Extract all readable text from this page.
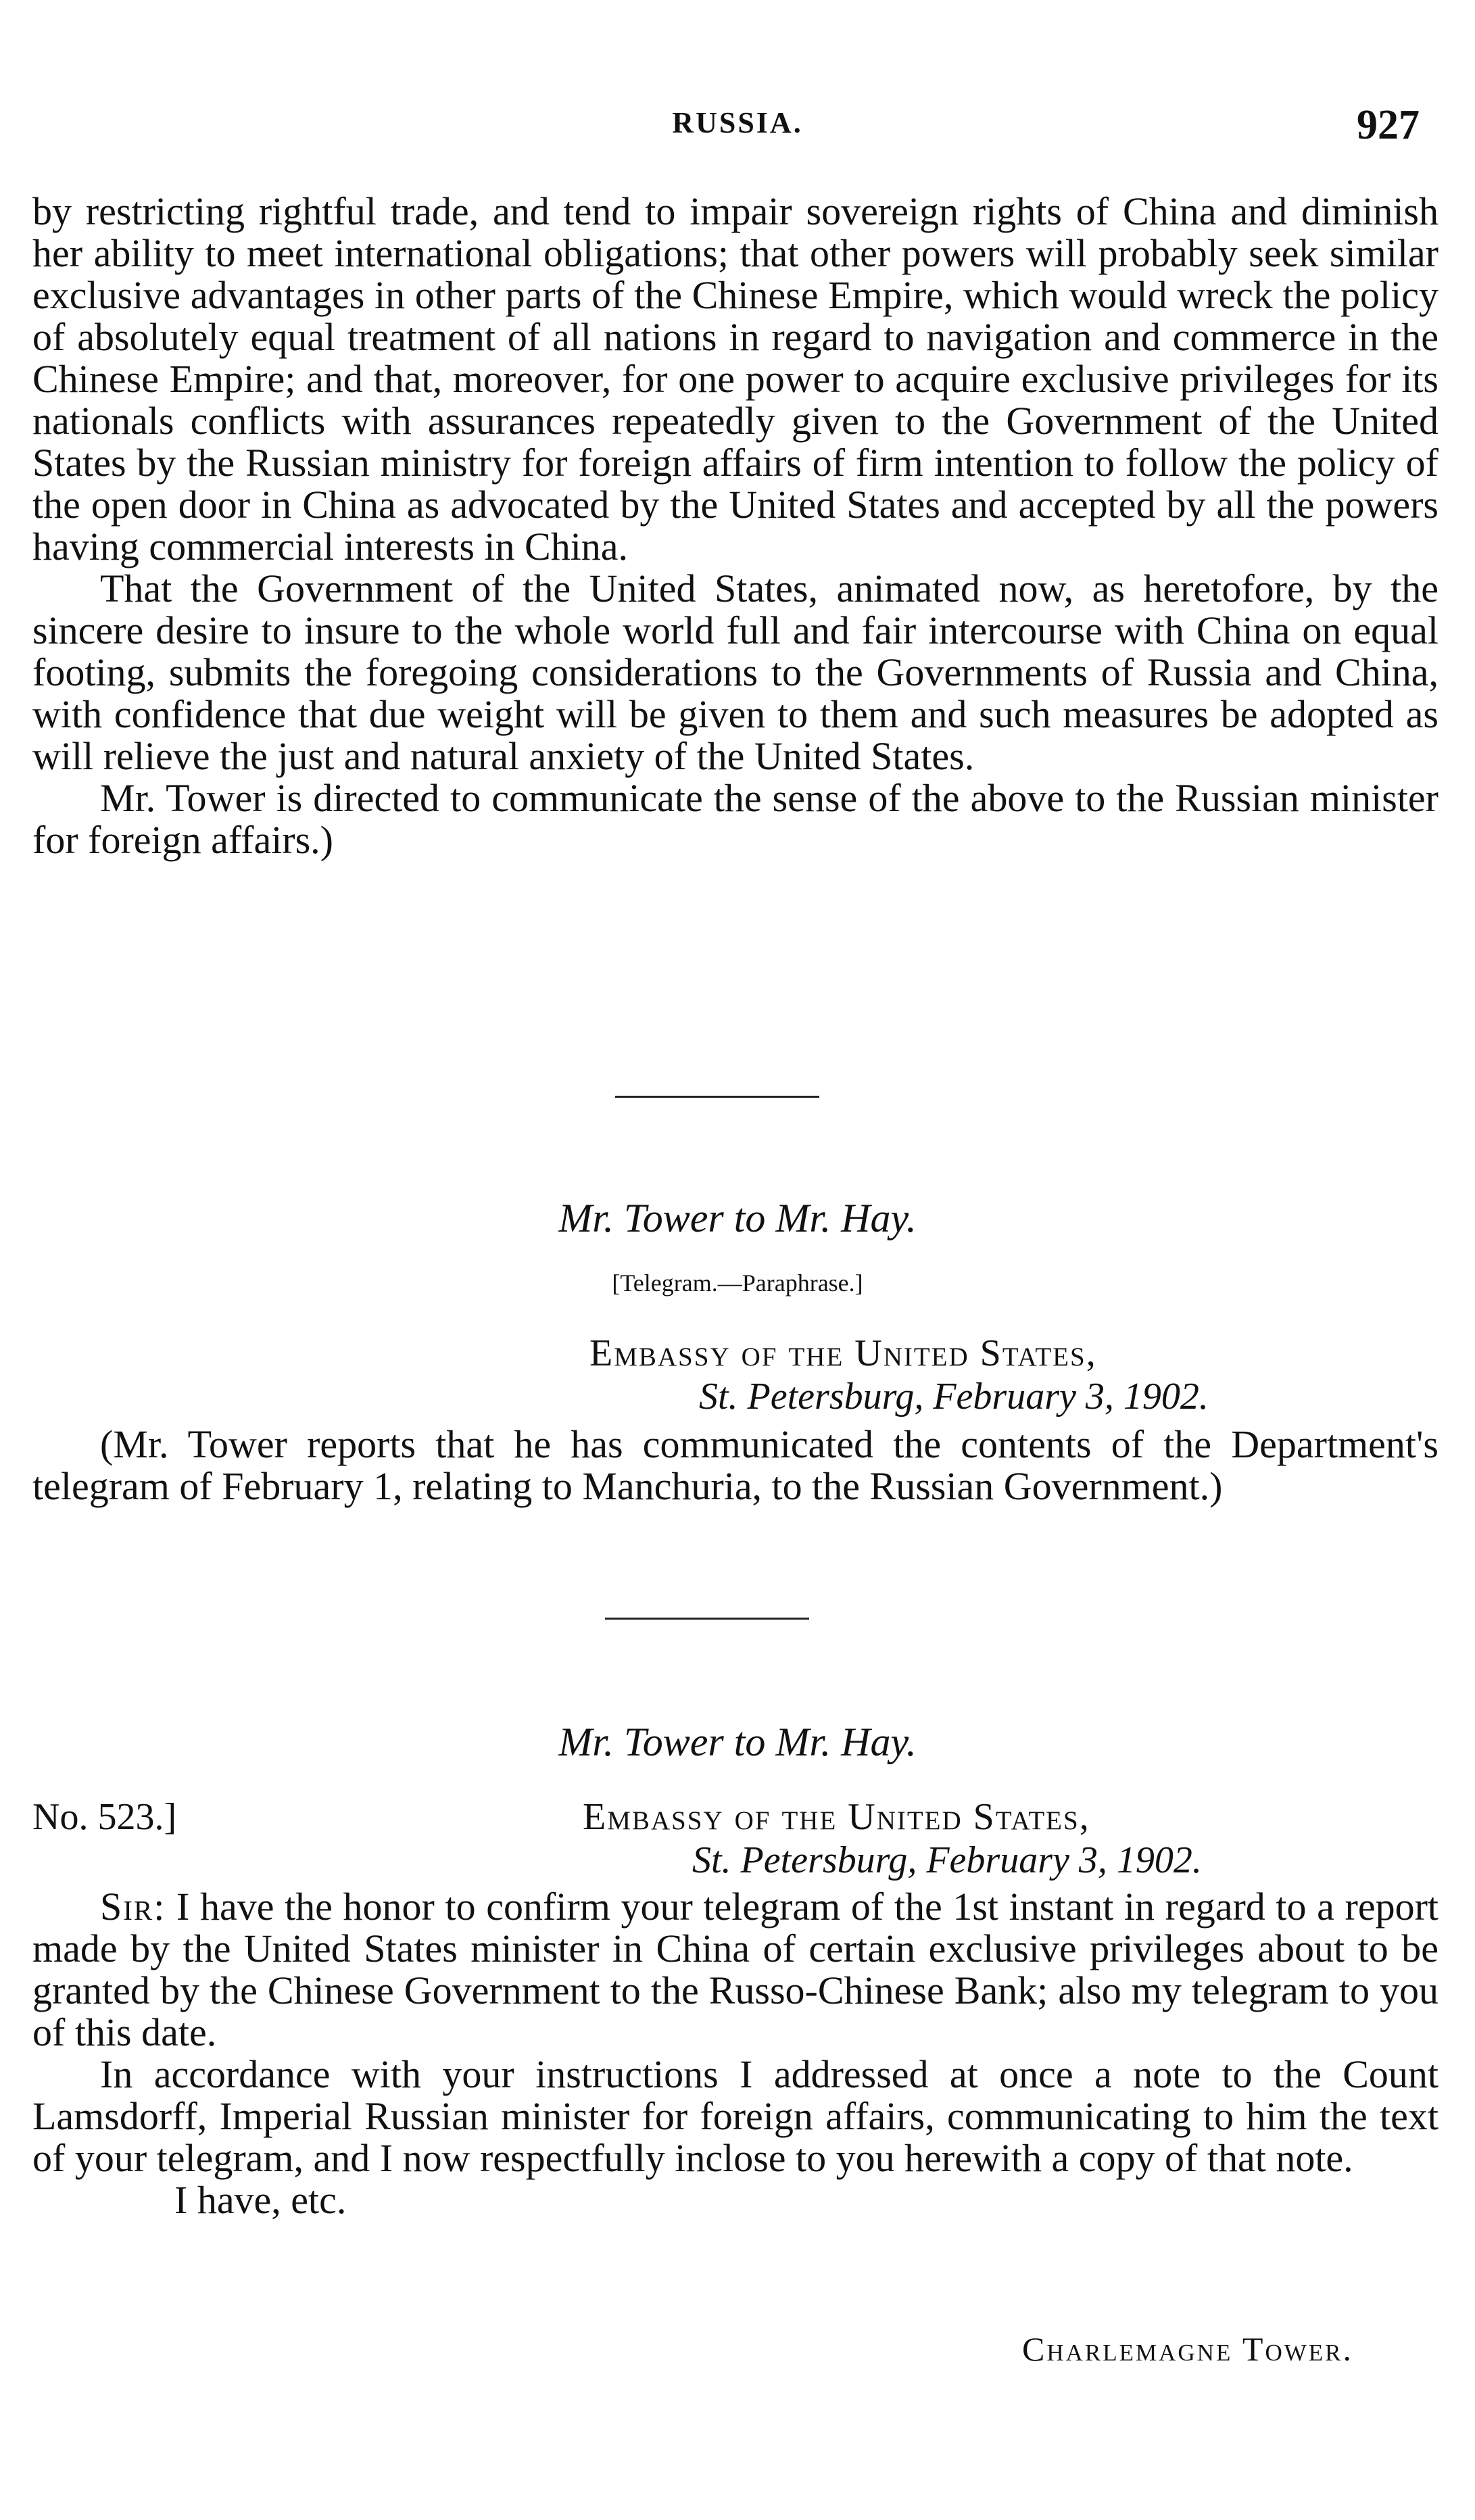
RUSSIA.	927

by restricting rightful trade, and tend to impair sovereign rights of China and diminish her ability to meet international obligations; that other powers will probably seek similar exclusive advantages in other parts of the Chinese Empire, which would wreck the policy of absolutely equal treatment of all nations in regard to navigation and commerce in the Chinese Empire; and that, moreover, for one power to acquire exclusive privileges for its nationals conflicts with assurances repeatedly given to the Government of the United States by the Russian ministry for foreign affairs of firm intention to follow the policy of the open door in China as advocated by the United States and accepted by all the powers having commercial interests in China.

That the Government of the United States, animated now, as heretofore, by the sincere desire to insure to the whole world full and fair intercourse with China on equal footing, submits the foregoing considerations to the Governments of Russia and China, with confidence that due weight will be given to them and such measures be adopted as will relieve the just and natural anxiety of the United States.

Mr. Tower is directed to communicate the sense of the above to the Russian minister for foreign affairs.)

Mr. Tower to Mr. Hay.
[Telegram.—Paraphrase.]
Embassy of the United States,
St. Petersburg, February 3, 1902.

(Mr. Tower reports that he has communicated the contents of the Department's telegram of February 1, relating to Manchuria, to the Russian Government.)

Mr. Tower to Mr. Hay.
No. 523.]	Embassy of the United States,
St. Petersburg, February 3, 1902.

Sir: I have the honor to confirm your telegram of the 1st instant in regard to a report made by the United States minister in China of certain exclusive privileges about to be granted by the Chinese Government to the Russo-Chinese Bank; also my telegram to you of this date.

In accordance with your instructions I addressed at once a note to the Count Lamsdorff, Imperial Russian minister for foreign affairs, communicating to him the text of your telegram, and I now respectfully inclose to you herewith a copy of that note.

I have, etc.

Charlemagne Tower.
